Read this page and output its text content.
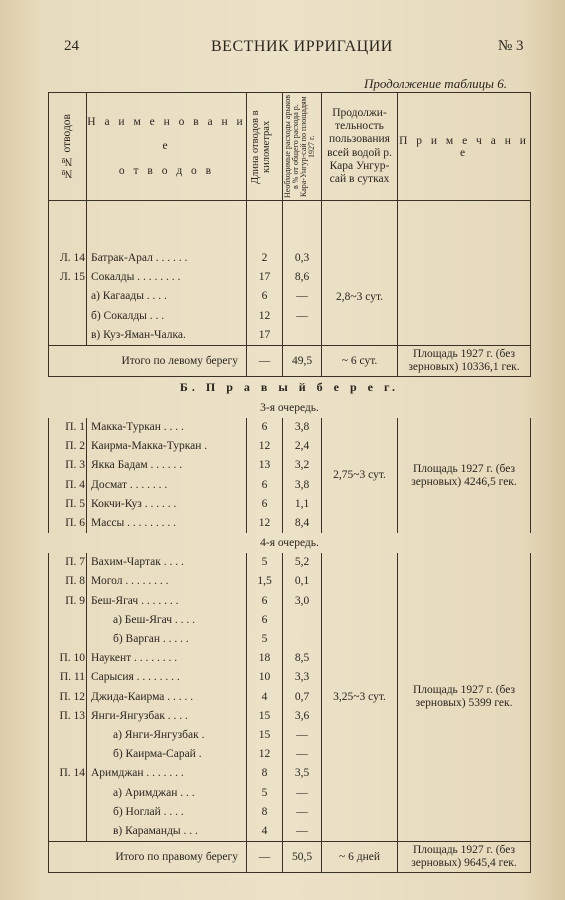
24	ВЕСТНИК ИРРИГАЦИИ	№ 3
Продолжение таблицы 6.
№№ отводов	Н а и м е н о в а н и е
о т в о д о в	Длина отводов в километрах	Необходимые расходы арыков в % от общего расхода р. Кара-Унгур-сай по площадям 1927 г.	Продолжи-тельность пользования всей водой р. Кара Унгур-сай в сутках	П р и м е ч а н и е

Л. 14	Батрак-Арал . . . . . .	2	0,3	2,8~3 сут.	
Л. 15	Сокалды . . . . . . . .	17	8,6		
	а) Кагаады . . . .	6	—		
	б) Сокалды . . .	12	—		
	в) Куз-Яман-Чалка.	17			
Итого по левому берегу		—	49,5	~ 6 сут.	Площадь 1927 г. (без зерновых) 10336,1 гек.
Б. П р а в ы й б е р е г.					
3-я очередь.					
П. 1	Макка-Туркан . . . .	6	3,8	2,75~3 сут.	Площадь 1927 г. (без зерновых) 4246,5 гек.
П. 2	Каирма-Макка-Туркан .	12	2,4		
П. 3	Якка Бадам . . . . . .	13	3,2		
П. 4	Досмат . . . . . . .	6	3,8		
П. 5	Кокчи-Куз . . . . . .	6	1,1		
П. 6	Массы . . . . . . . . .	12	8,4		
4-я очередь.					
П. 7	Вахим-Чартак . . . .	5	5,2	3,25~3 сут.	Площадь 1927 г. (без зерновых) 5399 гек.
П. 8	Могол . . . . . . . .	1,5	0,1		
П. 9	Беш-Ягач . . . . . . .	6	3,0		
	а) Беш-Ягач . . . .	6			
	б) Варган . . . . .	5			
П. 10	Наукент . . . . . . . .	18	8,5		
П. 11	Сарысия . . . . . . . .	10	3,3		
П. 12	Джида-Каирма . . . . .	4	0,7		
П. 13	Янги-Янгузбак . . . .	15	3,6		
	а) Янги-Янгузбак .	15	—		
	б) Каирма-Сарай .	12	—		
П. 14	Аримджан . . . . . . .	8	3,5		
	а) Аримджан . . .	5	—		
	б) Ноглай . . . .	8	—		
	в) Караманды . . .	4	—		
Итого по правому берегу		—	50,5	~ 6 дней	Площадь 1927 г. (без зерновых) 9645,4 гек.
